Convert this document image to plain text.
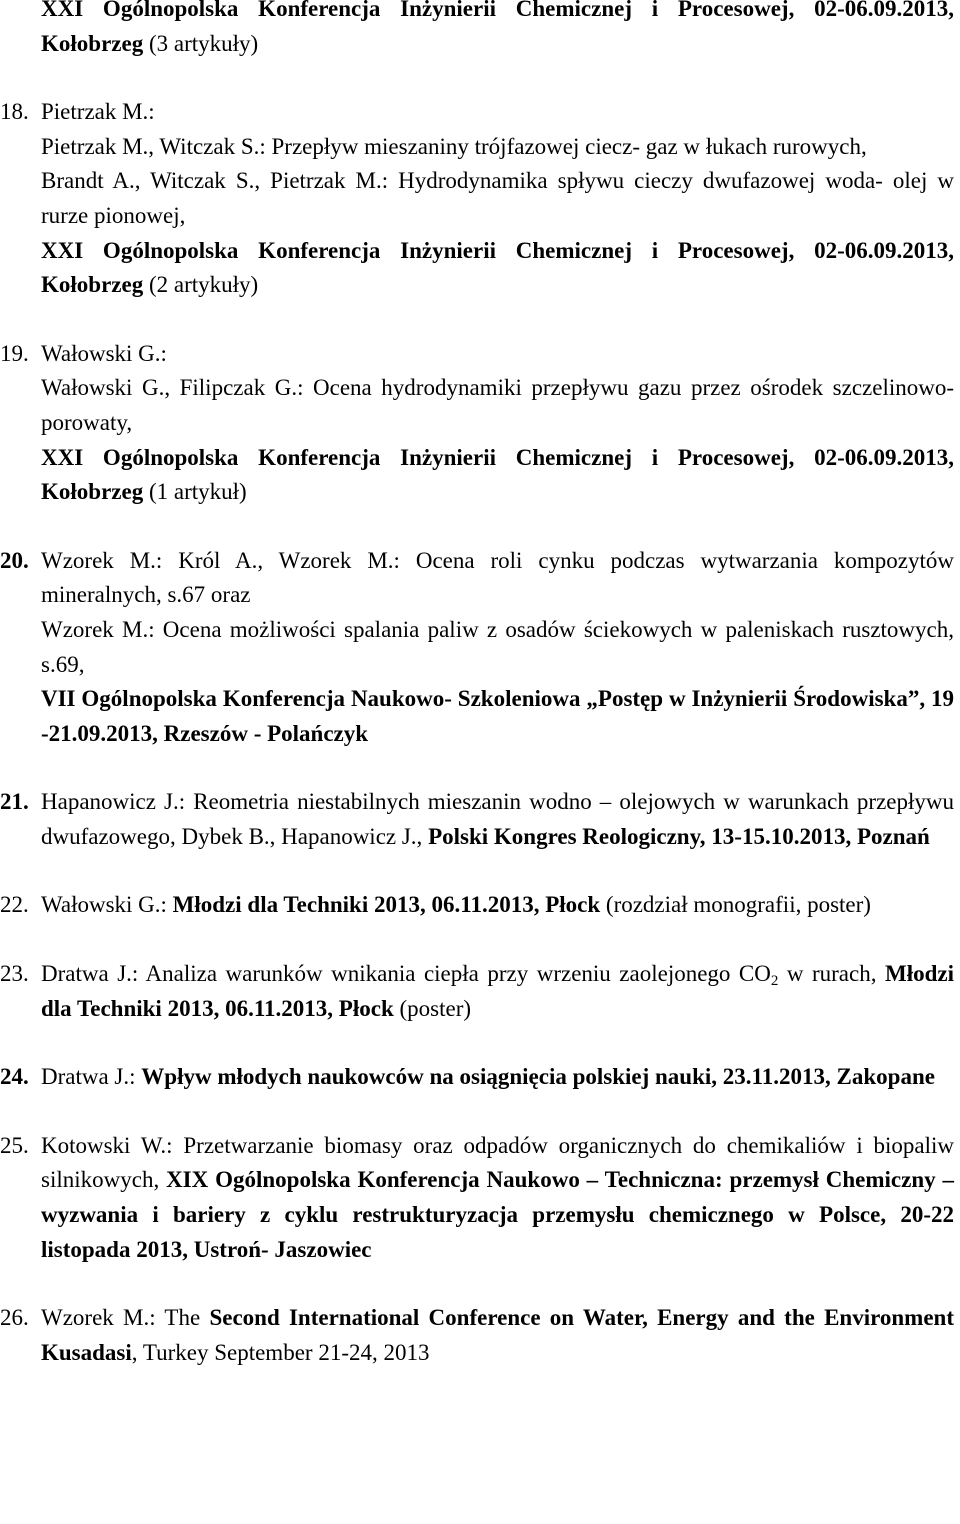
XXI Ogólnopolska Konferencja Inżynierii Chemicznej i Procesowej, 02-06.09.2013, Kołobrzeg (3 artykuły)

18. Pietrzak M.:

Pietrzak M., Witczak S.: Przepływ mieszaniny trójfazowej ciecz- gaz w łukach rurowych,

Brandt A., Witczak S., Pietrzak M.: Hydrodynamika spływu cieczy dwufazowej woda- olej w rurze pionowej,

XXI Ogólnopolska Konferencja Inżynierii Chemicznej i Procesowej, 02-06.09.2013, Kołobrzeg (2 artykuły)

19. Wałowski G.:

Wałowski G., Filipczak G.: Ocena hydrodynamiki przepływu gazu przez ośrodek szczelinowo- porowaty,

XXI Ogólnopolska Konferencja Inżynierii Chemicznej i Procesowej, 02-06.09.2013, Kołobrzeg (1 artykuł)

20. Wzorek M.: Król A., Wzorek M.: Ocena roli cynku podczas wytwarzania kompozytów mineralnych, s.67 oraz

Wzorek M.: Ocena możliwości spalania paliw z osadów ściekowych w paleniskach rusztowych, s.69,

VII Ogólnopolska Konferencja Naukowo- Szkoleniowa „Postęp w Inżynierii Środowiska”, 19 -21.09.2013, Rzeszów - Polańczyk

21. Hapanowicz J.: Reometria niestabilnych mieszanin wodno – olejowych w warunkach przepływu dwufazowego, Dybek B., Hapanowicz J., Polski Kongres Reologiczny, 13-15.10.2013, Poznań

22. Wałowski G.: Młodzi dla Techniki 2013, 06.11.2013, Płock (rozdział monografii, poster)

23. Dratwa J.: Analiza warunków wnikania ciepła przy wrzeniu zaolejonego $CO_2$ w rurach, Młodzi dla Techniki 2013, 06.11.2013, Płock (poster)

24. Dratwa J.: Wpływ młodych naukowców na osiągnięcia polskiej nauki, 23.11.2013, Zakopane

25. Kotowski W.: Przetwarzanie biomasy oraz odpadów organicznych do chemikaliów i biopaliw silnikowych, XIX Ogólnopolska Konferencja Naukowo – Techniczna: przemysł Chemiczny – wyzwania i bariery z cyklu restrukturyzacja przemysłu chemicznego w Polsce, 20-22 listopada 2013, Ustroń- Jaszowiec

26. Wzorek M.: The Second International Conference on Water, Energy and the Environment Kusadasi, Turkey September 21-24, 2013
